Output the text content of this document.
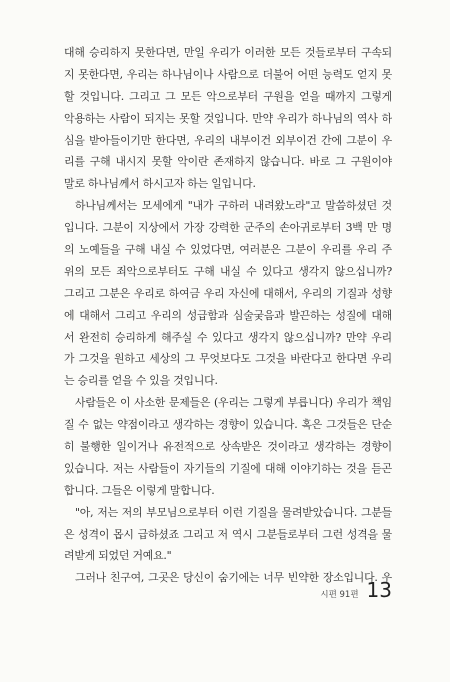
대해 승리하지 못한다면, 만일 우리가 이러한 모든 것들로부터 구속되
지 못한다면, 우리는 하나님이나 사람으로 더불어 어떤 능력도 얻지 못
할 것입니다. 그리고 그 모든 악으로부터 구원을 얻을 때까지 그렇게
악용하는 사람이 되지는 못할 것입니다. 만약 우리가 하나님의 역사 하
심을 받아들이기만 한다면, 우리의 내부이건 외부이건 간에 그분이 우
리를 구해 내시지 못할 악이란 존재하지 않습니다. 바로 그 구원이야
말로 하나님께서 하시고자 하는 일입니다.
하나님께서는 모세에게 "내가 구하러 내려왔노라"고 말씀하셨던 것
입니다. 그분이 지상에서 가장 강력한 군주의 손아귀로부터 3백 만 명
의 노예들을 구해 내실 수 있었다면, 여러분은 그분이 우리를 우리 주
위의 모든 죄악으로부터도 구해 내실 수 있다고 생각지 않으십니까?
그리고 그분은 우리로 하여금 우리 자신에 대해서, 우리의 기질과 성향
에 대해서 그리고 우리의 성급함과 심술궂음과 발끈하는 성질에 대해
서 완전히 승리하게 해주실 수 있다고 생각지 않으십니까? 만약 우리
가 그것을 원하고 세상의 그 무엇보다도 그것을 바란다고 한다면 우리
는 승리를 얻을 수 있을 것입니다.
사람들은 이 사소한 문제들은 (우리는 그렇게 부릅니다) 우리가 책임
질 수 없는 약점이라고 생각하는 경향이 있습니다. 혹은 그것들은 단순
히 불행한 일이거나 유전적으로 상속받은 것이라고 생각하는 경향이
있습니다. 저는 사람들이 자기들의 기질에 대해 이야기하는 것을 듣곤
합니다. 그들은 이렇게 말합니다.
"아, 저는 저의 부모님으로부터 이런 기질을 물려받았습니다. 그분들
은 성격이 몹시 급하셨죠 그리고 저 역시 그분들로부터 그런 성격을 물
려받게 되었던 거예요."
그러나 친구여, 그곳은 당신이 숨기에는 너무 빈약한 장소입니다. 우
시편 91편 13
